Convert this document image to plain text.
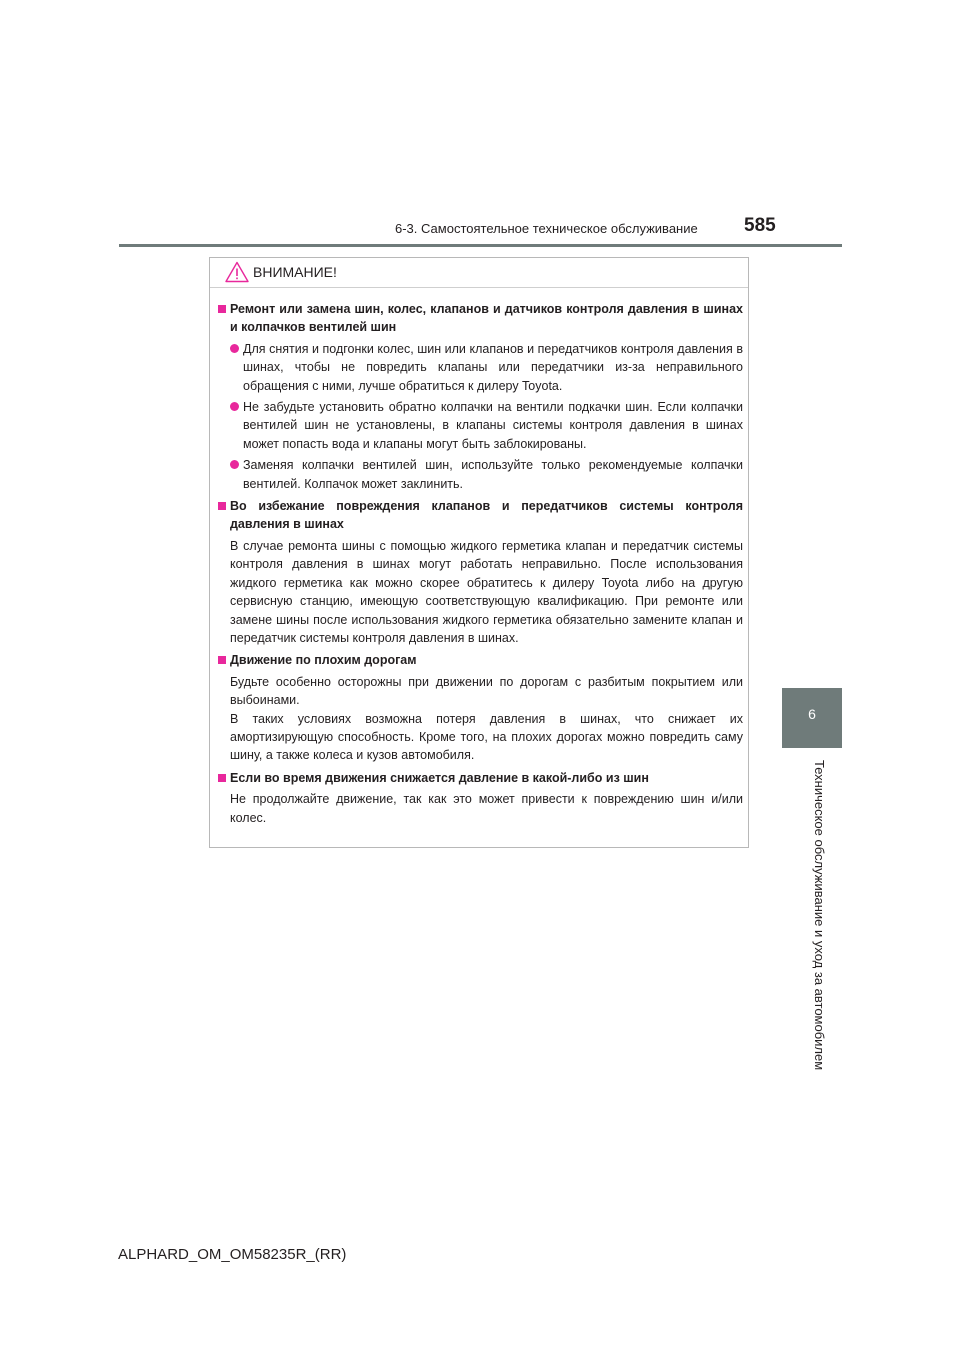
6-3. Самостоятельное техническое обслуживание 585
6
Техническое обслуживание и уход за автомобилем
ВНИМАНИЕ!
Ремонт или замена шин, колес, клапанов и датчиков контроля давления в шинах и колпачков вентилей шин
Для снятия и подгонки колес, шин или клапанов и передатчиков контроля давления в шинах, чтобы не повредить клапаны или передатчики из-за неправильного обращения с ними, лучше обратиться к дилеру Toyota.
Не забудьте установить обратно колпачки на вентили подкачки шин. Если колпачки вентилей шин не установлены, в клапаны системы контроля давления в шинах может попасть вода и клапаны могут быть заблокированы.
Заменяя колпачки вентилей шин, используйте только рекомендуемые колпачки вентилей. Колпачок может заклинить.
Во избежание повреждения клапанов и передатчиков системы контроля давления в шинах
В случае ремонта шины с помощью жидкого герметика клапан и передатчик системы контроля давления в шинах могут работать неправильно. После использования жидкого герметика как можно скорее обратитесь к дилеру Toyota либо на другую сервисную станцию, имеющую соответствующую квалификацию. При ремонте или замене шины после использования жидкого герметика обязательно замените клапан и передатчик системы контроля давления в шинах.
Движение по плохим дорогам
Будьте особенно осторожны при движении по дорогам с разбитым покрытием или выбоинами.
В таких условиях возможна потеря давления в шинах, что снижает их амортизирующую способность. Кроме того, на плохих дорогах можно повредить саму шину, а также колеса и кузов автомобиля.
Если во время движения снижается давление в какой-либо из шин
Не продолжайте движение, так как это может привести к повреждению шин и/или колес.
ALPHARD_OM_OM58235R_(RR)
